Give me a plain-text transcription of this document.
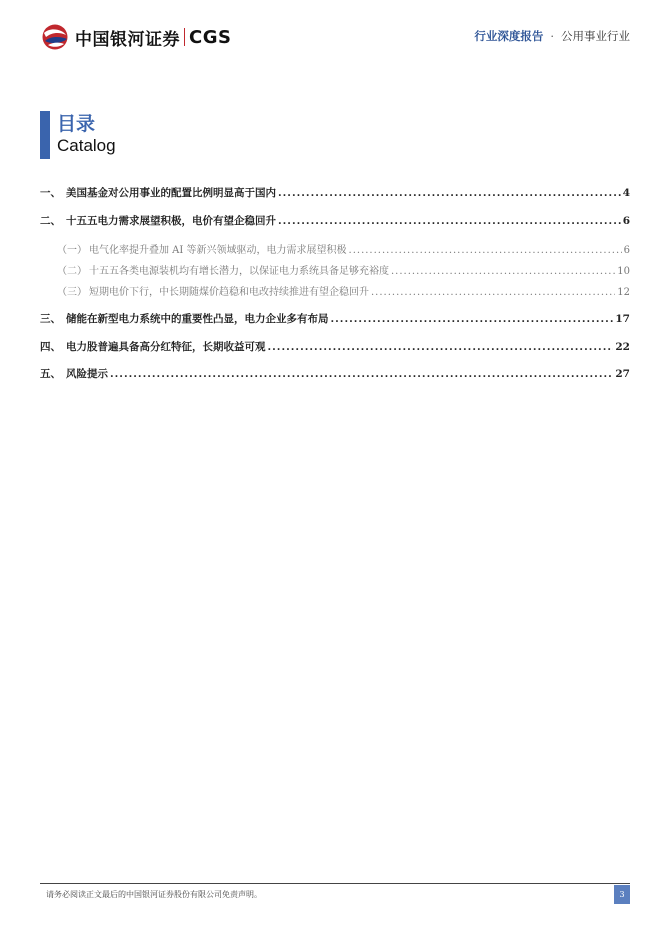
中国银河证券 CGS	行业深度报告 · 公用事业行业
目录
Catalog
一、 美国基金对公用事业的配置比例明显高于国内 .....	4
二、 十五五电力需求展望积极，电价有望企稳回升 .....	6
（一） 电气化率提升叠加 AI 等新兴领域驱动，电力需求展望积极 .....	6
（二） 十五五各类电源装机均有增长潜力，以保证电力系统具备足够充裕度 .....	10
（三） 短期电价下行，中长期随煤价趋稳和电改持续推进有望企稳回升 .....	12
三、 储能在新型电力系统中的重要性凸显，电力企业多有布局 .....	17
四、 电力股普遍具备高分红特征，长期收益可观 .....	22
五、 风险提示 .....	27
请务必阅读正文最后的中国银河证券股份有限公司免责声明。	3
